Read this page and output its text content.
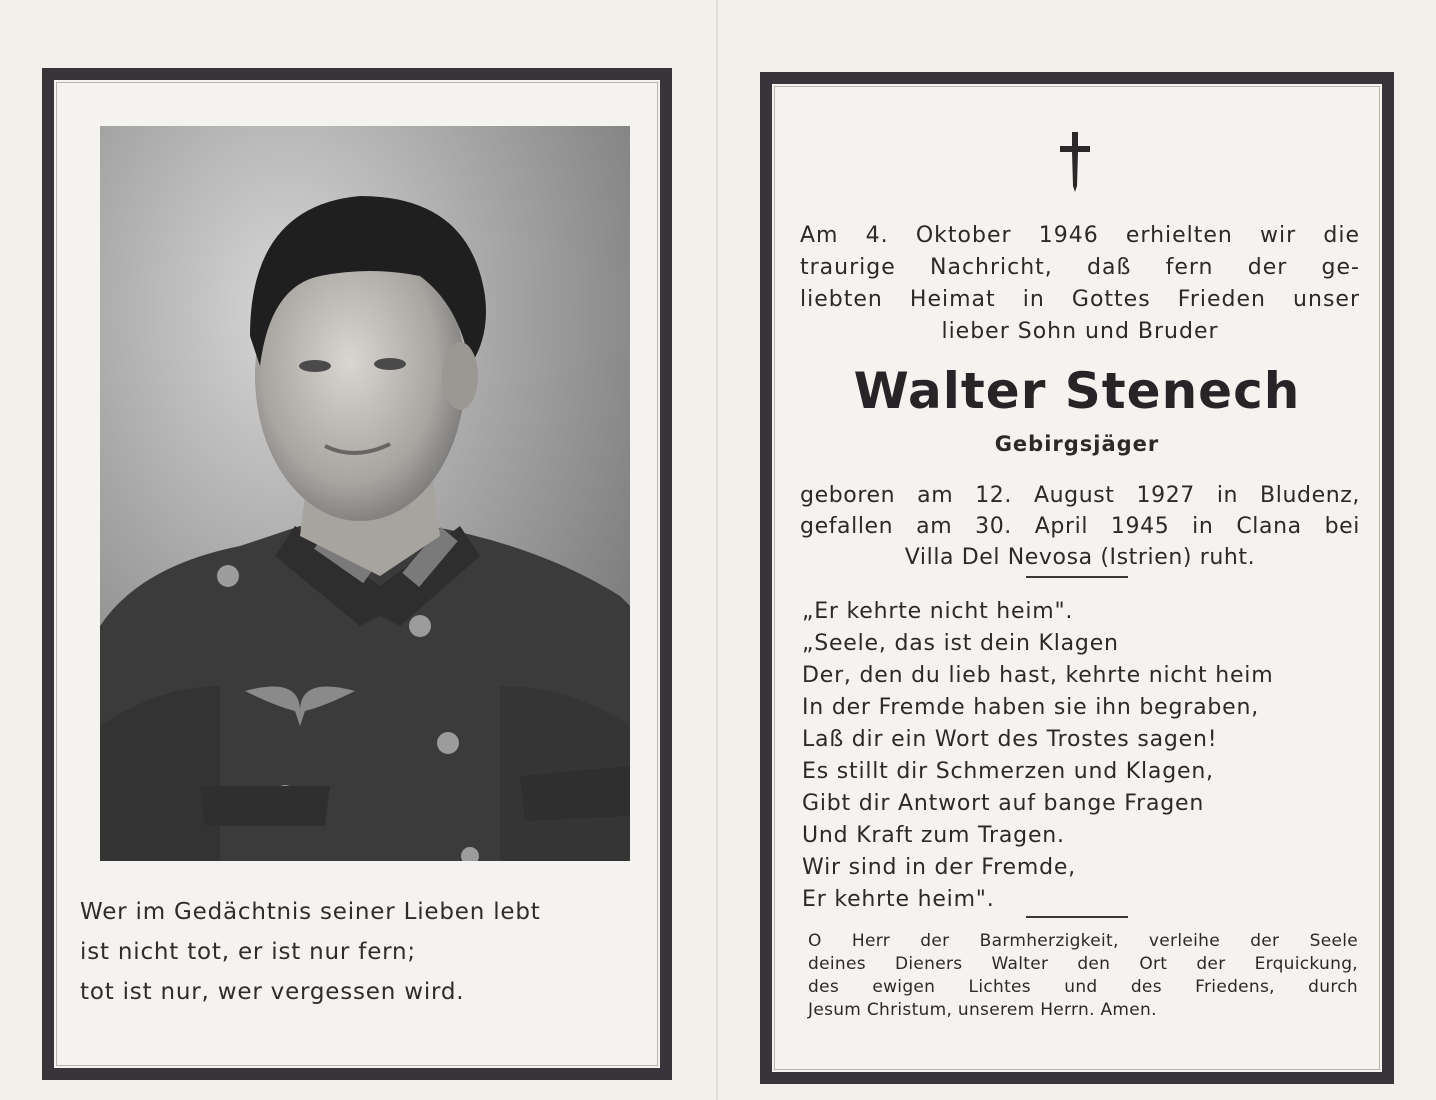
Wer im Gedächtnis seiner Lieben lebt
ist nicht tot, er ist nur fern;
tot ist nur, wer vergessen wird.
Am 4. Oktober 1946 erhielten wir die
traurige Nachricht, daß fern der ge-
liebten Heimat in Gottes Frieden unser
lieber Sohn und Bruder
Walter Stenech
Gebirgsjäger
geboren am 12. August 1927 in Bludenz,
gefallen am 30. April 1945 in Clana bei
Villa Del Nevosa (Istrien) ruht.
„Er kehrte nicht heim".
„Seele, das ist dein Klagen
Der, den du lieb hast, kehrte nicht heim
In der Fremde haben sie ihn begraben,
Laß dir ein Wort des Trostes sagen!
Es stillt dir Schmerzen und Klagen,
Gibt dir Antwort auf bange Fragen
Und Kraft zum Tragen.
Wir sind in der Fremde,
Er kehrte heim".
O Herr der Barmherzigkeit, verleihe der Seele
deines Dieners Walter den Ort der Erquickung,
des ewigen Lichtes und des Friedens, durch
Jesum Christum, unserem Herrn. Amen.
